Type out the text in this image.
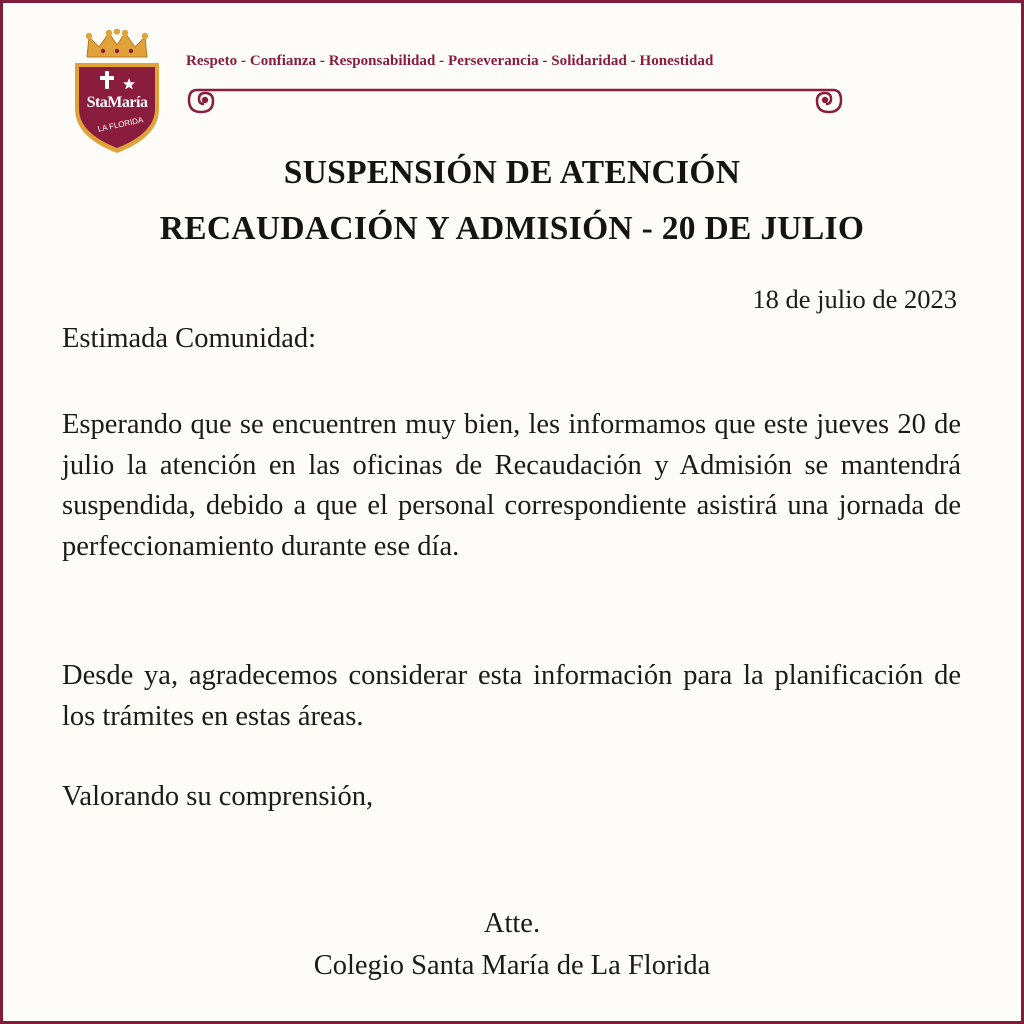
StaMaría
LA FLORIDA
Respeto - Confianza - Responsabilidad - Perseverancia - Solidaridad - Honestidad
SUSPENSIÓN DE ATENCIÓN
RECAUDACIÓN Y ADMISIÓN - 20 DE JULIO
18 de julio de 2023
Estimada Comunidad:

Esperando que se encuentren muy bien, les informamos que este jueves 20 de julio la atención en las oficinas de Recaudación y Admisión se mantendrá suspendida, debido a que el personal correspondiente asistirá una jornada de perfeccionamiento durante ese día.

Desde ya, agradecemos considerar esta información para la planificación de los trámites en estas áreas.

Valorando su comprensión,
Atte.
Colegio Santa María de La Florida
